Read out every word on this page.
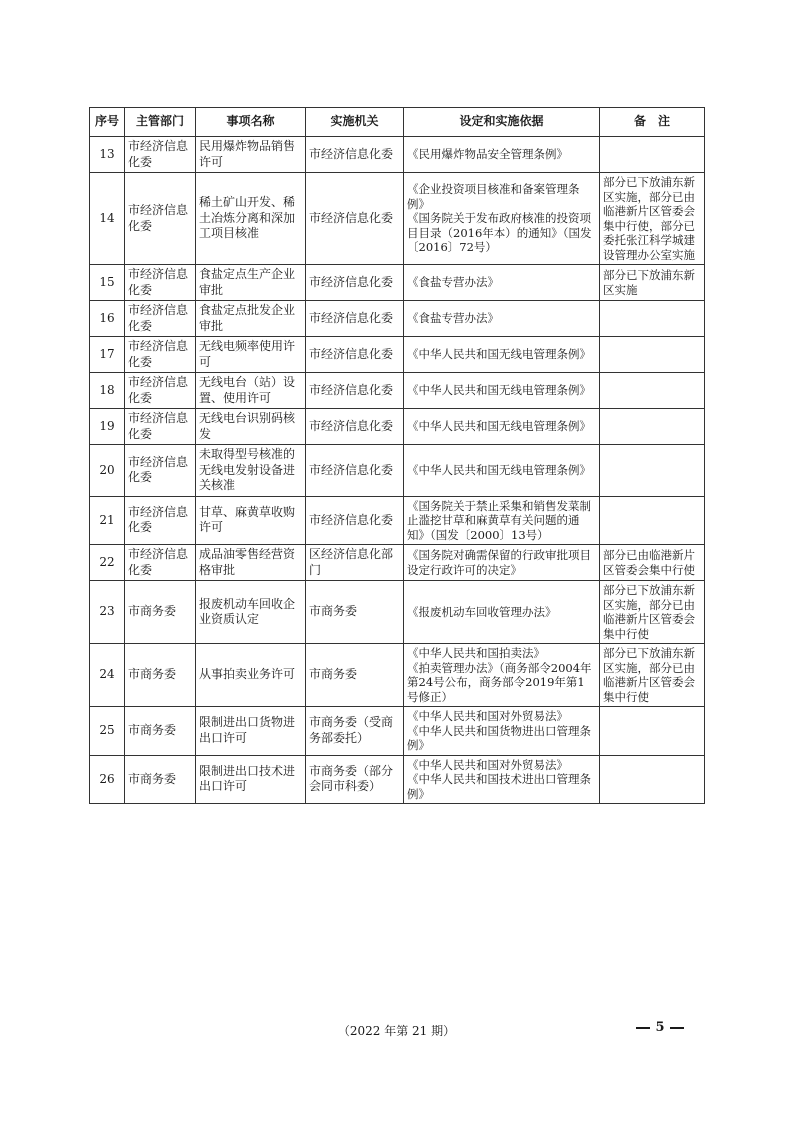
序号	主管部门	事项名称	实施机关	设定和实施依据	备　注
13	市经济信息化委	民用爆炸物品销售许可	市经济信息化委	《民用爆炸物品安全管理条例》	

14	市经济信息化委	稀土矿山开发、稀土冶炼分离和深加工项目核准	市经济信息化委	《企业投资项目核准和备案管理条例》
《国务院关于发布政府核准的投资项目目录（2016年本）的通知》（国发〔2016〕72号）	部分已下放浦东新区实施，部分已由临港新片区管委会集中行使，部分已委托张江科学城建设管理办公室实施
15	市经济信息化委	食盐定点生产企业审批	市经济信息化委	《食盐专营办法》	部分已下放浦东新区实施
16	市经济信息化委	食盐定点批发企业审批	市经济信息化委	《食盐专营办法》	

17	市经济信息化委	无线电频率使用许可	市经济信息化委	《中华人民共和国无线电管理条例》	

18	市经济信息化委	无线电台（站）设置、使用许可	市经济信息化委	《中华人民共和国无线电管理条例》	

19	市经济信息化委	无线电台识别码核发	市经济信息化委	《中华人民共和国无线电管理条例》	

20	市经济信息化委	未取得型号核准的无线电发射设备进关核准	市经济信息化委	《中华人民共和国无线电管理条例》	

21	市经济信息化委	甘草、麻黄草收购许可	市经济信息化委	《国务院关于禁止采集和销售发菜制止滥挖甘草和麻黄草有关问题的通知》（国发〔2000〕13号）	

22	市经济信息化委	成品油零售经营资格审批	区经济信息化部门	《国务院对确需保留的行政审批项目设定行政许可的决定》	部分已由临港新片区管委会集中行使
23	市商务委	报废机动车回收企业资质认定	市商务委	《报废机动车回收管理办法》	部分已下放浦东新区实施，部分已由临港新片区管委会集中行使
24	市商务委	从事拍卖业务许可	市商务委	《中华人民共和国拍卖法》
《拍卖管理办法》（商务部令2004年第24号公布，商务部令2019年第1号修正）	部分已下放浦东新区实施，部分已由临港新片区管委会集中行使
25	市商务委	限制进出口货物进出口许可	市商务委（受商务部委托）	《中华人民共和国对外贸易法》
《中华人民共和国货物进出口管理条例》	

26	市商务委	限制进出口技术进出口许可	市商务委（部分会同市科委）	《中华人民共和国对外贸易法》
《中华人民共和国技术进出口管理条例》	

（2022 年第 21 期）	5
